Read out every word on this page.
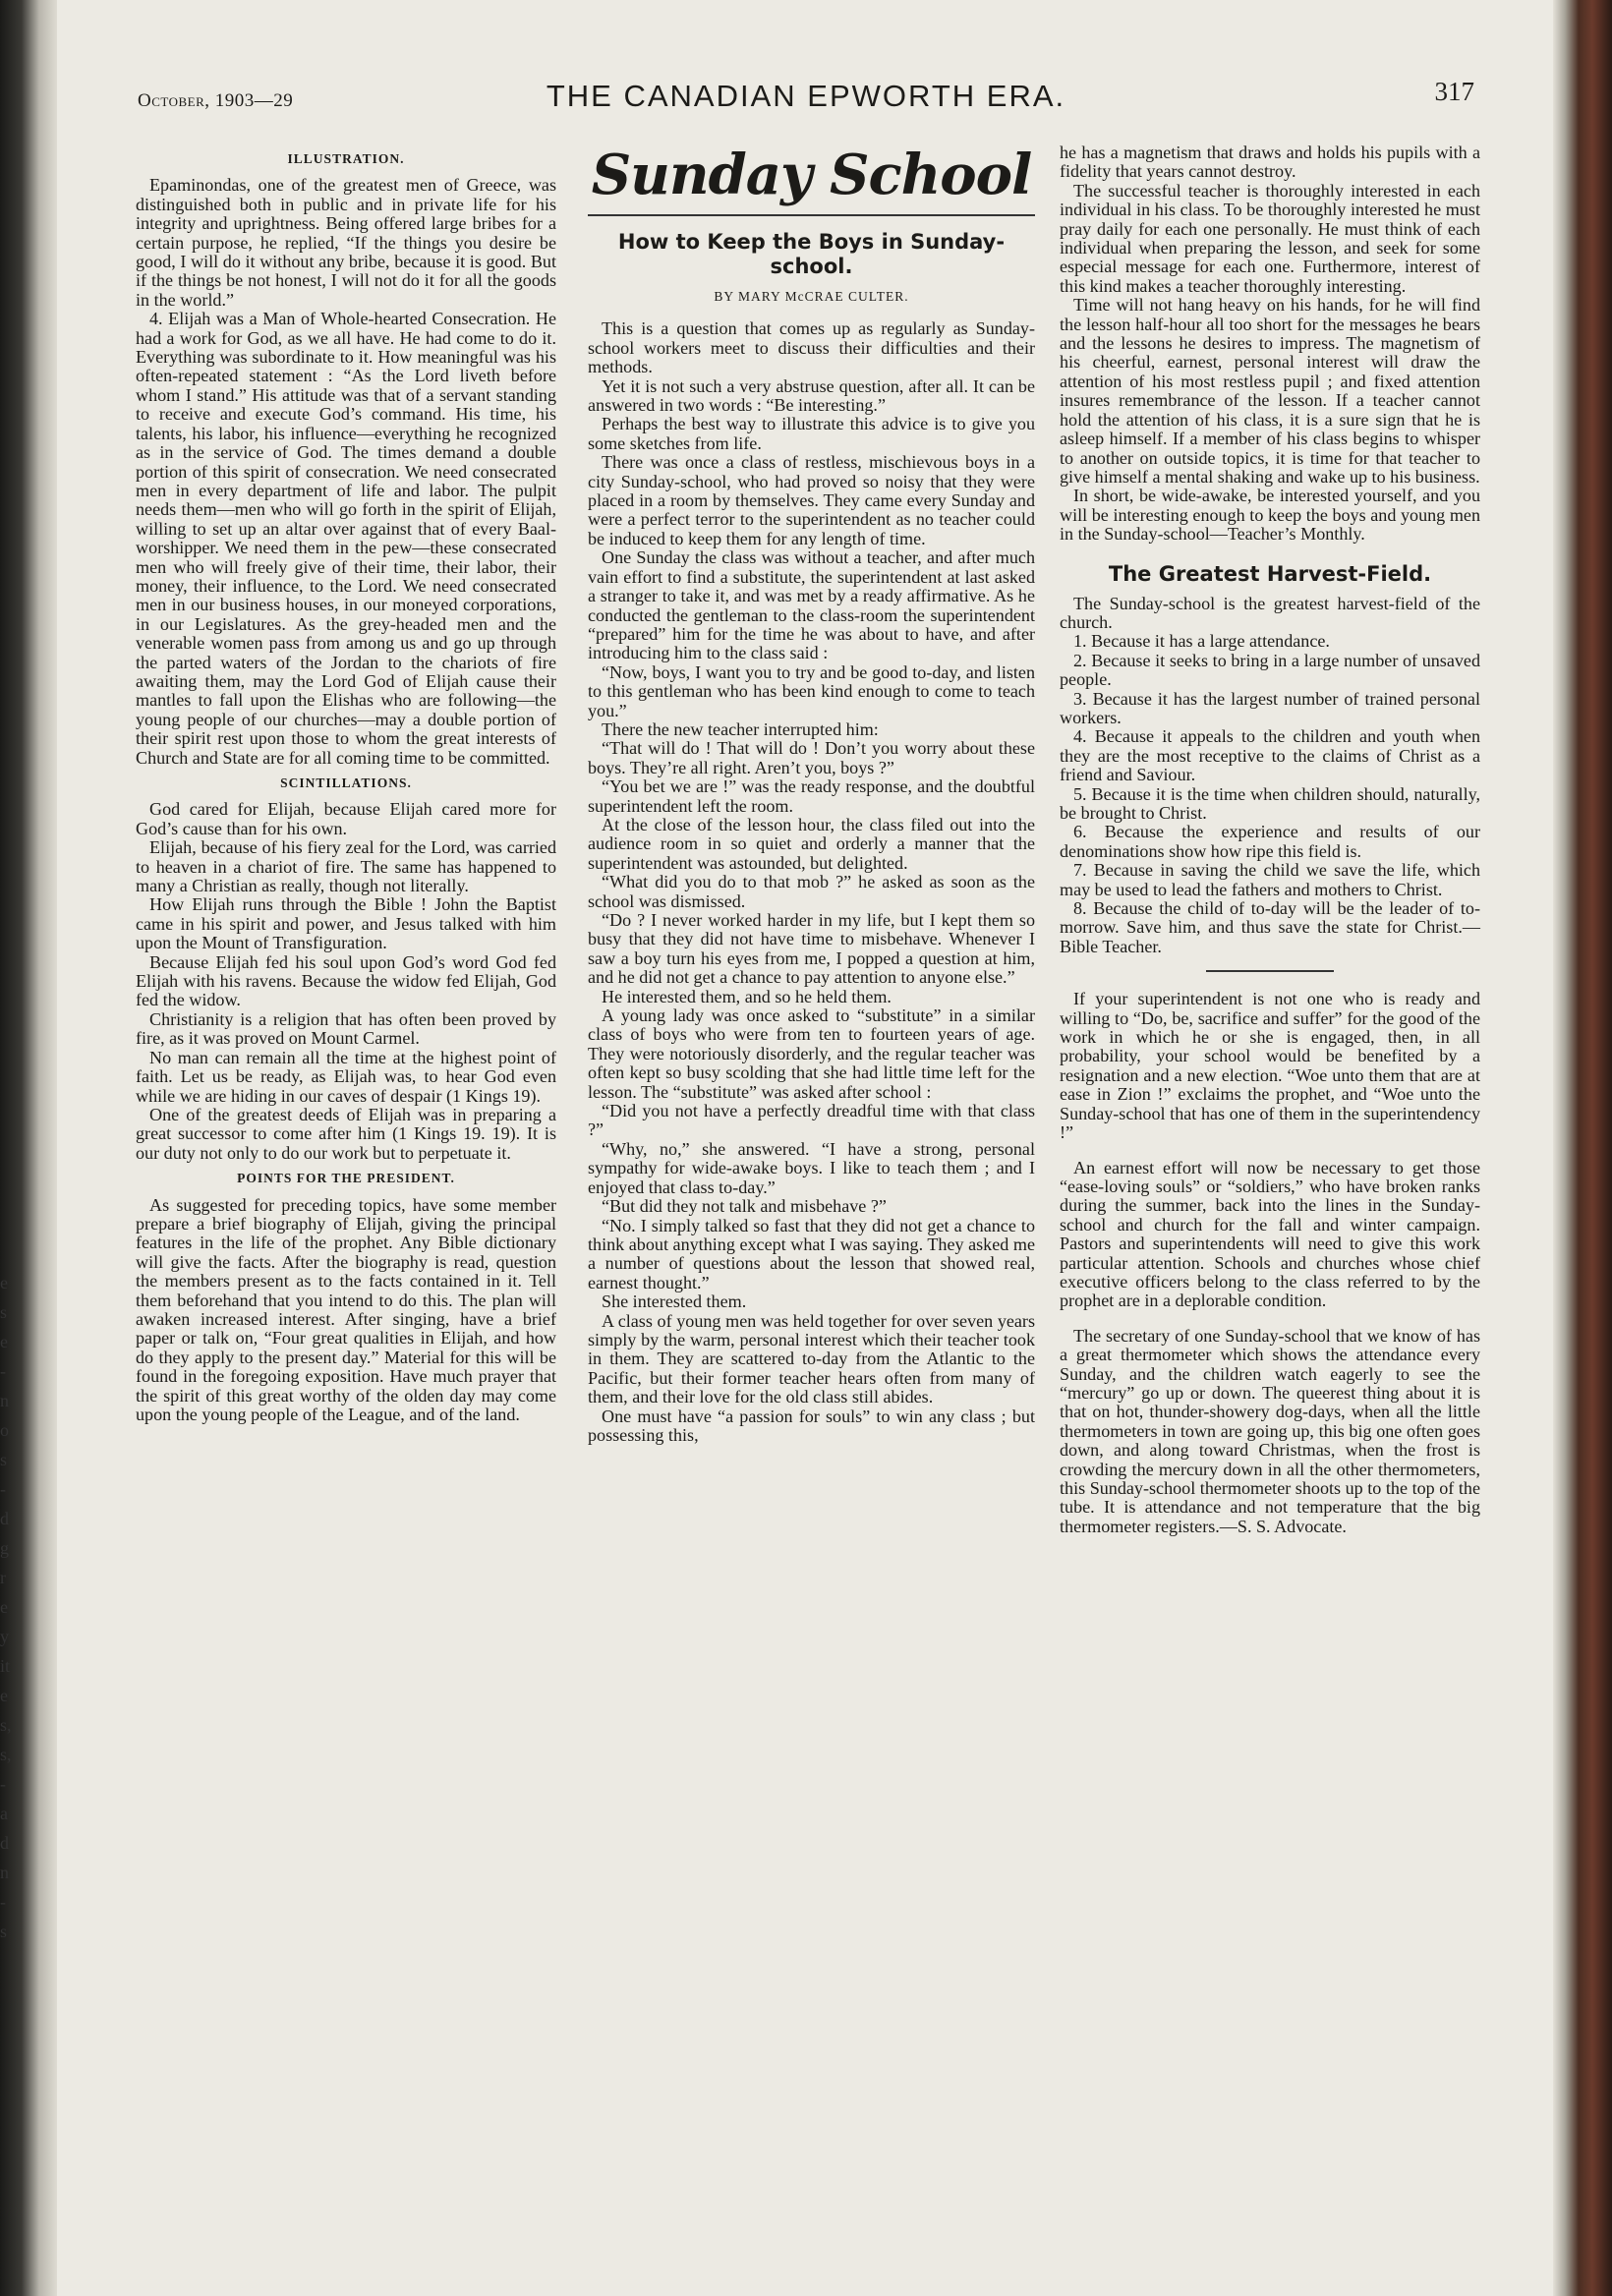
e
s
e
-
n
o
s
-
d
g
r
e
y
it
e
s,
s,
-
a
d
n
-
s
October, 1903—29	THE CANADIAN EPWORTH ERA.	317
ILLUSTRATION.

Epaminondas, one of the greatest men of Greece, was distinguished both in public and in private life for his integrity and uprightness. Being offered large bribes for a certain purpose, he replied, “If the things you desire be good, I will do it without any bribe, because it is good. But if the things be not honest, I will not do it for all the goods in the world.”

4. Elijah was a Man of Whole-hearted Consecration. He had a work for God, as we all have. He had come to do it. Everything was subordinate to it. How meaningful was his often-repeated statement : “As the Lord liveth before whom I stand.” His attitude was that of a servant standing to receive and execute God’s command. His time, his talents, his labor, his influence—everything he recognized as in the service of God. The times demand a double portion of this spirit of consecration. We need consecrated men in every department of life and labor. The pulpit needs them—men who will go forth in the spirit of Elijah, willing to set up an altar over against that of every Baal-worshipper. We need them in the pew—these consecrated men who will freely give of their time, their labor, their money, their influence, to the Lord. We need consecrated men in our business houses, in our moneyed corporations, in our Legislatures. As the grey-headed men and the venerable women pass from among us and go up through the parted waters of the Jordan to the chariots of fire awaiting them, may the Lord God of Elijah cause their mantles to fall upon the Elishas who are following—the young people of our churches—may a double portion of their spirit rest upon those to whom the great interests of Church and State are for all coming time to be committed.

SCINTILLATIONS.

God cared for Elijah, because Elijah cared more for God’s cause than for his own.

Elijah, because of his fiery zeal for the Lord, was carried to heaven in a chariot of fire. The same has happened to many a Christian as really, though not literally.

How Elijah runs through the Bible ! John the Baptist came in his spirit and power, and Jesus talked with him upon the Mount of Transfiguration.

Because Elijah fed his soul upon God’s word God fed Elijah with his ravens. Because the widow fed Elijah, God fed the widow.

Christianity is a religion that has often been proved by fire, as it was proved on Mount Carmel.

No man can remain all the time at the highest point of faith. Let us be ready, as Elijah was, to hear God even while we are hiding in our caves of despair (1 Kings 19).

One of the greatest deeds of Elijah was in preparing a great successor to come after him (1 Kings 19. 19). It is our duty not only to do our work but to perpetuate it.

POINTS FOR THE PRESIDENT.

As suggested for preceding topics, have some member prepare a brief biography of Elijah, giving the principal features in the life of the prophet. Any Bible dictionary will give the facts. After the biography is read, question the members present as to the facts contained in it. Tell them beforehand that you intend to do this. The plan will awaken increased interest. After singing, have a brief paper or talk on, “Four great qualities in Elijah, and how do they apply to the present day.” Material for this will be found in the foregoing exposition. Have much prayer that the spirit of this great worthy of the olden day may come upon the young people of the League, and of the land.

Sunday School
How to Keep the Boys in Sunday-school.
BY MARY McCRAE CULTER.

This is a question that comes up as regularly as Sunday-school workers meet to discuss their difficulties and their methods.

Yet it is not such a very abstruse question, after all. It can be answered in two words : “Be interesting.”

Perhaps the best way to illustrate this advice is to give you some sketches from life.

There was once a class of restless, mischievous boys in a city Sunday-school, who had proved so noisy that they were placed in a room by themselves. They came every Sunday and were a perfect terror to the superintendent as no teacher could be induced to keep them for any length of time.

One Sunday the class was without a teacher, and after much vain effort to find a substitute, the superintendent at last asked a stranger to take it, and was met by a ready affirmative. As he conducted the gentleman to the class-room the superintendent “prepared” him for the time he was about to have, and after introducing him to the class said :

“Now, boys, I want you to try and be good to-day, and listen to this gentleman who has been kind enough to come to teach you.”

There the new teacher interrupted him:

“That will do ! That will do ! Don’t you worry about these boys. They’re all right. Aren’t you, boys ?”

“You bet we are !” was the ready response, and the doubtful superintendent left the room.

At the close of the lesson hour, the class filed out into the audience room in so quiet and orderly a manner that the superintendent was astounded, but delighted.

“What did you do to that mob ?” he asked as soon as the school was dismissed.

“Do ? I never worked harder in my life, but I kept them so busy that they did not have time to misbehave. Whenever I saw a boy turn his eyes from me, I popped a question at him, and he did not get a chance to pay attention to anyone else.”

He interested them, and so he held them.

A young lady was once asked to “substitute” in a similar class of boys who were from ten to fourteen years of age. They were notoriously disorderly, and the regular teacher was often kept so busy scolding that she had little time left for the lesson. The “substitute” was asked after school :

“Did you not have a perfectly dreadful time with that class ?”

“Why, no,” she answered. “I have a strong, personal sympathy for wide-awake boys. I like to teach them ; and I enjoyed that class to-day.”

“But did they not talk and misbehave ?”

“No. I simply talked so fast that they did not get a chance to think about anything except what I was saying. They asked me a number of questions about the lesson that showed real, earnest thought.”

She interested them.

A class of young men was held together for over seven years simply by the warm, personal interest which their teacher took in them. They are scattered to-day from the Atlantic to the Pacific, but their former teacher hears often from many of them, and their love for the old class still abides.

One must have “a passion for souls” to win any class ; but possessing this,

he has a magnetism that draws and holds his pupils with a fidelity that years cannot destroy.

The successful teacher is thoroughly interested in each individual in his class. To be thoroughly interested he must pray daily for each one personally. He must think of each individual when preparing the lesson, and seek for some especial message for each one. Furthermore, interest of this kind makes a teacher thoroughly interesting.

Time will not hang heavy on his hands, for he will find the lesson half-hour all too short for the messages he bears and the lessons he desires to impress. The magnetism of his cheerful, earnest, personal interest will draw the attention of his most restless pupil ; and fixed attention insures remembrance of the lesson. If a teacher cannot hold the attention of his class, it is a sure sign that he is asleep himself. If a member of his class begins to whisper to another on outside topics, it is time for that teacher to give himself a mental shaking and wake up to his business.

In short, be wide-awake, be interested yourself, and you will be interesting enough to keep the boys and young men in the Sunday-school—Teacher’s Monthly.

The Greatest Harvest-Field.

The Sunday-school is the greatest harvest-field of the church.

1. Because it has a large attendance.

2. Because it seeks to bring in a large number of unsaved people.

3. Because it has the largest number of trained personal workers.

4. Because it appeals to the children and youth when they are the most receptive to the claims of Christ as a friend and Saviour.

5. Because it is the time when children should, naturally, be brought to Christ.

6. Because the experience and results of our denominations show how ripe this field is.

7. Because in saving the child we save the life, which may be used to lead the fathers and mothers to Christ.

8. Because the child of to-day will be the leader of to-morrow. Save him, and thus save the state for Christ.—Bible Teacher.

If your superintendent is not one who is ready and willing to “Do, be, sacrifice and suffer” for the good of the work in which he or she is engaged, then, in all probability, your school would be benefited by a resignation and a new election. “Woe unto them that are at ease in Zion !” exclaims the prophet, and “Woe unto the Sunday-school that has one of them in the superintendency !”

An earnest effort will now be necessary to get those “ease-loving souls” or “soldiers,” who have broken ranks during the summer, back into the lines in the Sunday-school and church for the fall and winter campaign. Pastors and superintendents will need to give this work particular attention. Schools and churches whose chief executive officers belong to the class referred to by the prophet are in a deplorable condition.

The secretary of one Sunday-school that we know of has a great thermometer which shows the attendance every Sunday, and the children watch eagerly to see the “mercury” go up or down. The queerest thing about it is that on hot, thunder-showery dog-days, when all the little thermometers in town are going up, this big one often goes down, and along toward Christmas, when the frost is crowding the mercury down in all the other thermometers, this Sunday-school thermometer shoots up to the top of the tube. It is attendance and not temperature that the big thermometer registers.—S. S. Advocate.
